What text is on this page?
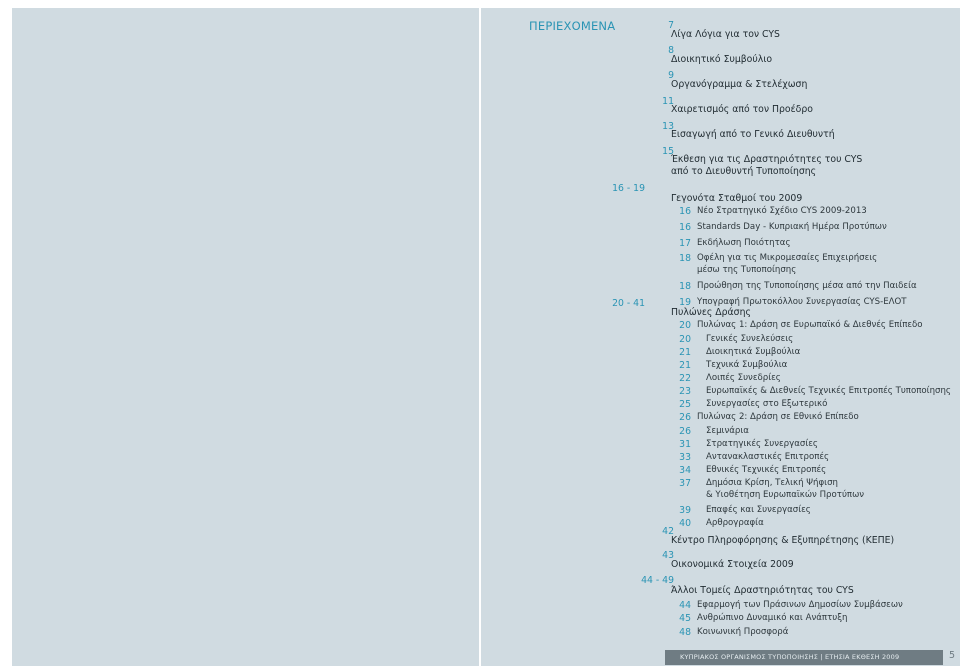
ΠΕΡΙΕΧΟΜΕΝΑ	7
Λίγα Λόγια για τον CYS
8
Διοικητικό Συμβούλιο
9
Οργανόγραμμα & Στελέχωση
11
Χαιρετισμός από τον Προέδρο
13
Εισαγωγή από το Γενικό Διευθυντή
15
Έκθεση για τις Δραστηριότητες του CYS
από το Διευθυντή Τυποποίησης
16 - 19
Γεγονότα Σταθμοί του 2009
16 Νέο Στρατηγικό Σχέδιο CYS 2009-2013
16 Standards Day - Κυπριακή Ημέρα Προτύπων
17 Εκδήλωση Ποιότητας
18 Οφέλη για τις Μικρομεσαίες Επιχειρήσεις
μέσω της Τυποποίησης
18 Προώθηση της Τυποποίησης μέσα από την Παιδεία
19 Υπογραφή Πρωτοκόλλου Συνεργασίας CYS-ΕΛΟΤ
20 - 41
Πυλώνες Δράσης
20 Πυλώνας 1: Δράση σε Ευρωπαϊκό & Διεθνές Επίπεδο
20 Γενικές Συνελεύσεις
21 Διοικητικά Συμβούλια
21 Τεχνικά Συμβούλια
22 Λοιπές Συνεδρίες
23 Ευρωπαϊκές & Διεθνείς Τεχνικές Επιτροπές Τυποποίησης
25 Συνεργασίες στο Εξωτερικό
26 Πυλώνας 2: Δράση σε Εθνικό Επίπεδο
26 Σεμινάρια
31 Στρατηγικές Συνεργασίες
33 Αντανακλαστικές Επιτροπές
34 Εθνικές Τεχνικές Επιτροπές
37 Δημόσια Κρίση, Τελική Ψήφιση
& Υιοθέτηση Ευρωπαϊκών Προτύπων
39 Επαφές και Συνεργασίες
40 Αρθρογραφία
42
Κέντρο Πληροφόρησης & Εξυπηρέτησης (ΚΕΠΕ)
43
Οικονομικά Στοιχεία 2009
44 - 49
Άλλοι Τομείς Δραστηριότητας του CYS
44 Εφαρμογή των Πράσινων Δημοσίων Συμβάσεων
45 Ανθρώπινο Δυναμικό και Ανάπτυξη
48 Κοινωνική Προσφορά
ΚΥΠΡΙΑΚΟΣ ΟΡΓΑΝΙΣΜΟΣ ΤΥΠΟΠΟΙΗΣΗΣ | ΕΤΗΣΙΑ ΕΚΘΕΣΗ 2009	5
